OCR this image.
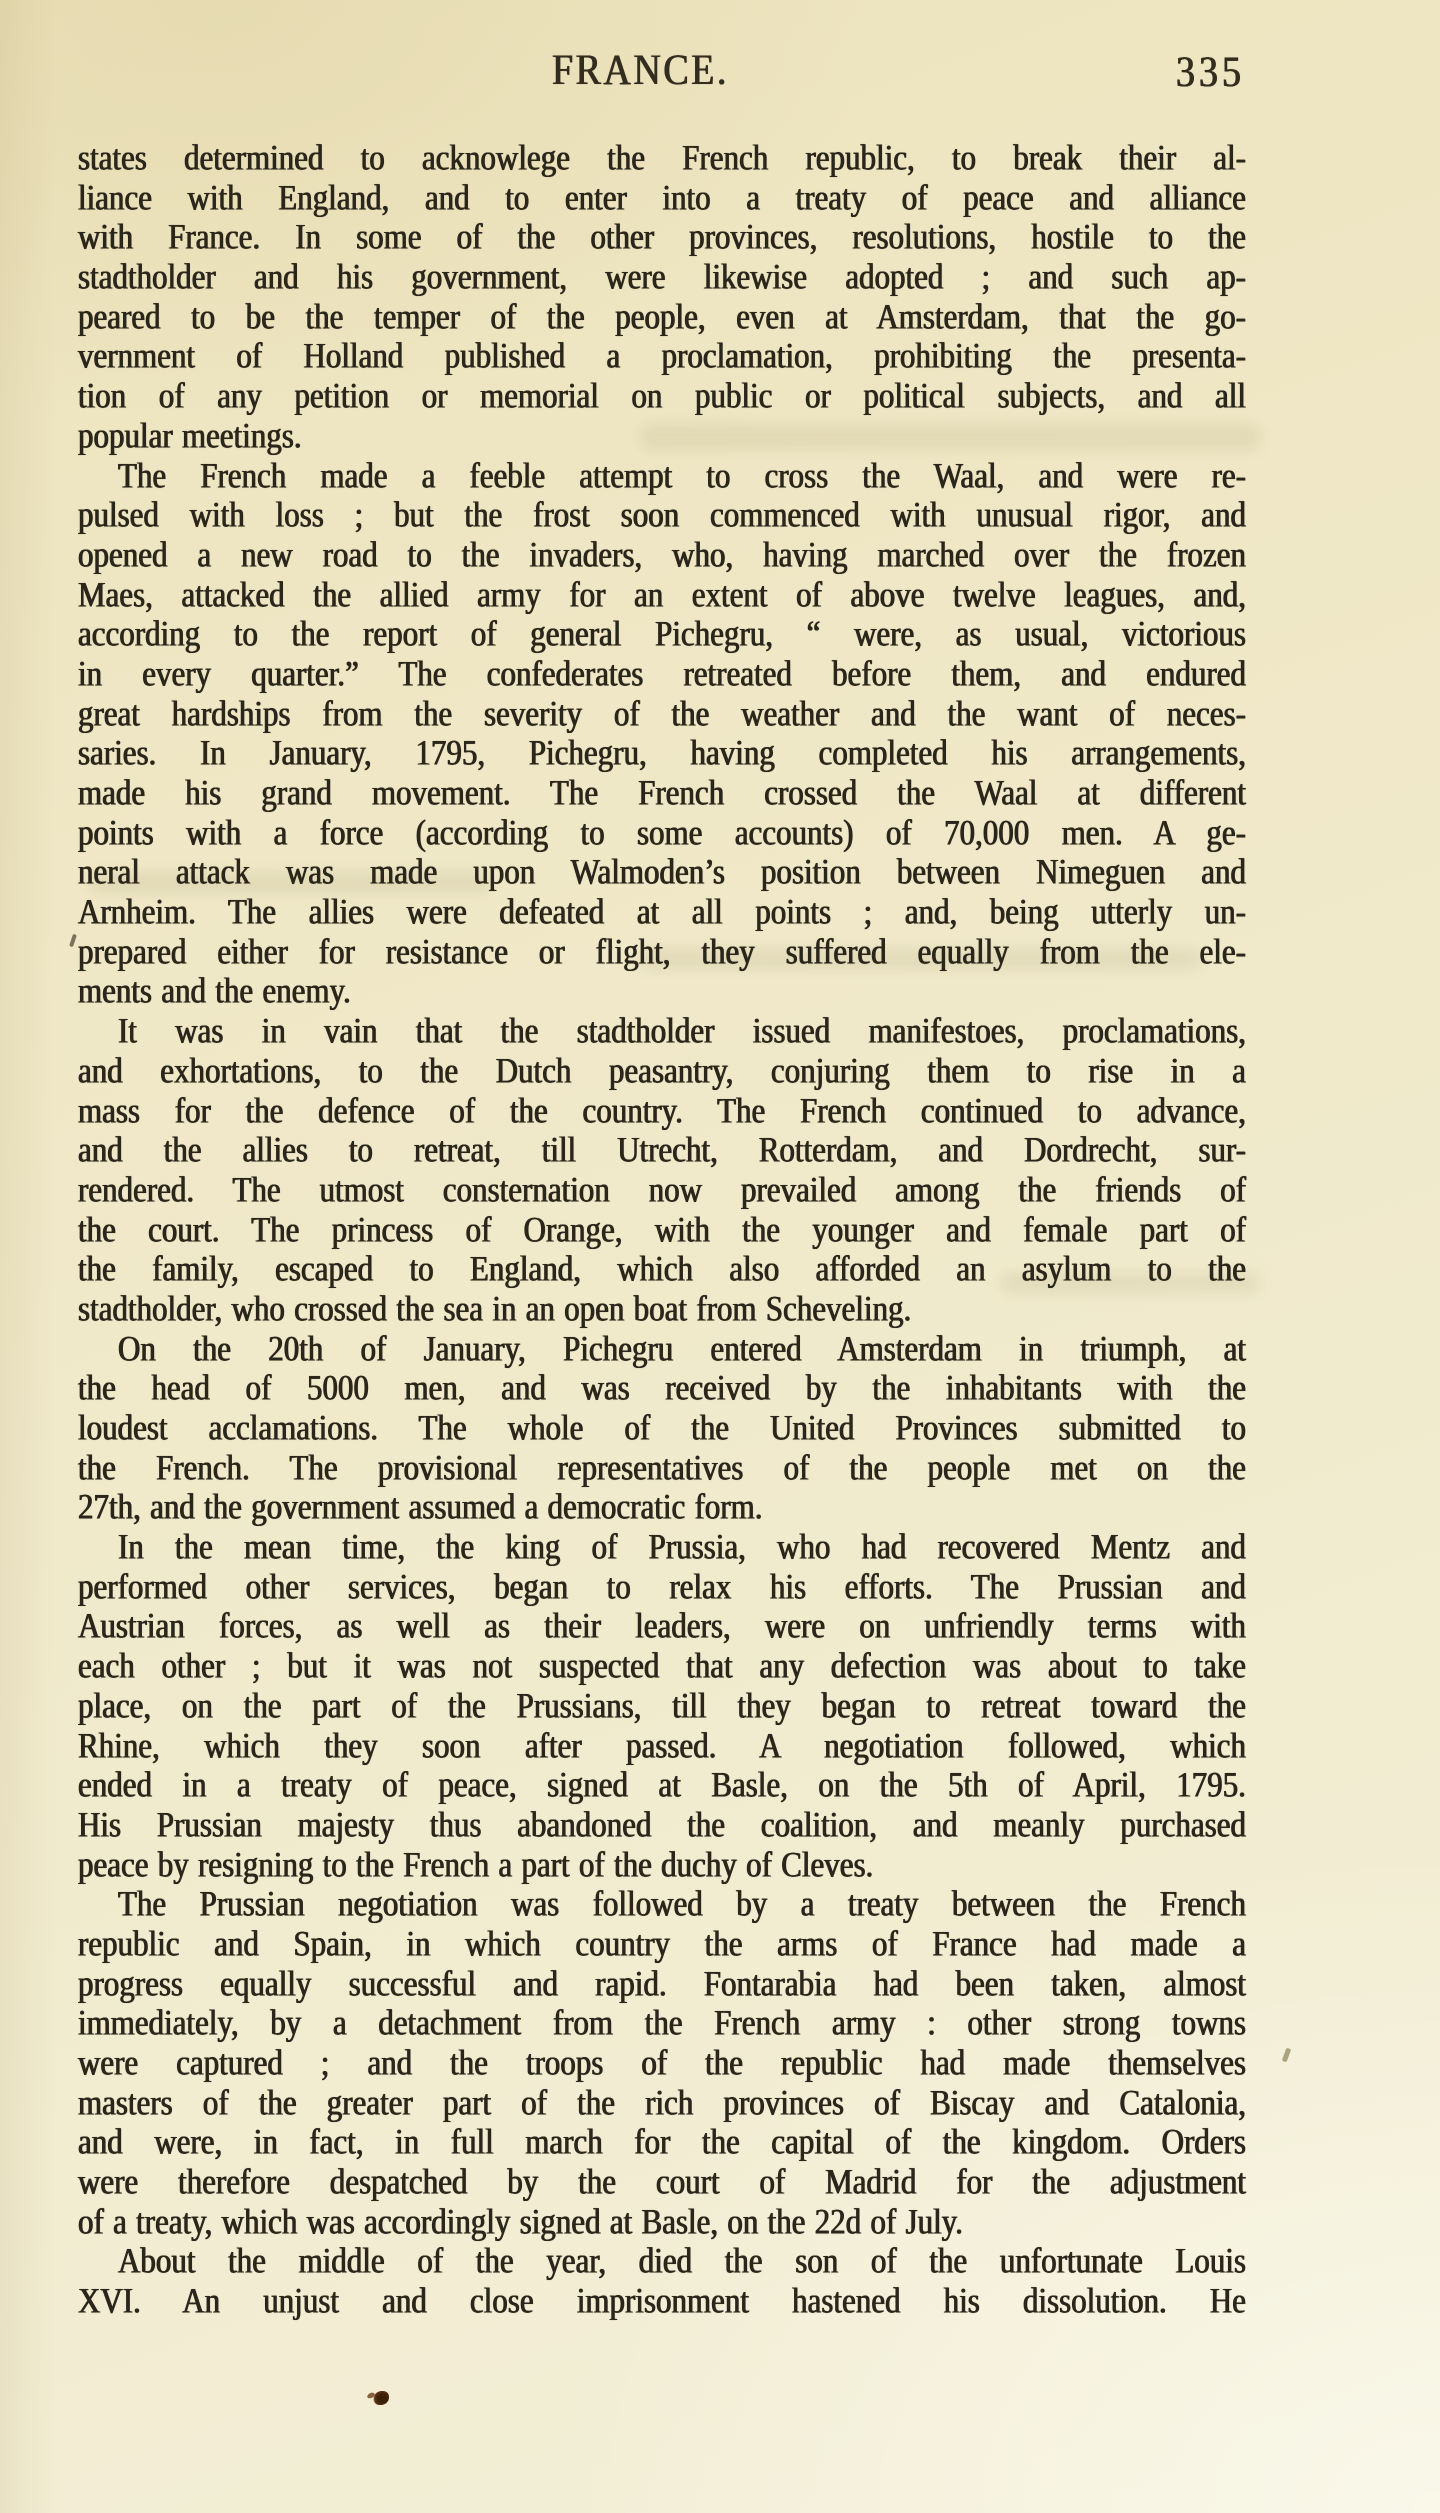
FRANCE.	335
states determined to acknowlege the French republic, to break their al-
liance with England, and to enter into a treaty of peace and alliance
with France. In some of the other provinces, resolutions, hostile to the
stadtholder and his government, were likewise adopted ; and such ap-
peared to be the temper of the people, even at Amsterdam, that the go-
vernment of Holland published a proclamation, prohibiting the presenta-
tion of any petition or memorial on public or political subjects, and all
popular meetings.
The French made a feeble attempt to cross the Waal, and were re-
pulsed with loss ; but the frost soon commenced with unusual rigor, and
opened a new road to the invaders, who, having marched over the frozen
Maes, attacked the allied army for an extent of above twelve leagues, and,
according to the report of general Pichegru, “ were, as usual, victorious
in every quarter.” The confederates retreated before them, and endured
great hardships from the severity of the weather and the want of neces-
saries. In January, 1795, Pichegru, having completed his arrangements,
made his grand movement. The French crossed the Waal at different
points with a force (according to some accounts) of 70,000 men. A ge-
neral attack was made upon Walmoden’s position between Nimeguen and
Arnheim. The allies were defeated at all points ; and, being utterly un-
prepared either for resistance or flight, they suffered equally from the ele-
ments and the enemy.
It was in vain that the stadtholder issued manifestoes, proclamations,
and exhortations, to the Dutch peasantry, conjuring them to rise in a
mass for the defence of the country. The French continued to advance,
and the allies to retreat, till Utrecht, Rotterdam, and Dordrecht, sur-
rendered. The utmost consternation now prevailed among the friends of
the court. The princess of Orange, with the younger and female part of
the family, escaped to England, which also afforded an asylum to the
stadtholder, who crossed the sea in an open boat from Scheveling.
On the 20th of January, Pichegru entered Amsterdam in triumph, at
the head of 5000 men, and was received by the inhabitants with the
loudest acclamations. The whole of the United Provinces submitted to
the French. The provisional representatives of the people met on the
27th, and the government assumed a democratic form.
In the mean time, the king of Prussia, who had recovered Mentz and
performed other services, began to relax his efforts. The Prussian and
Austrian forces, as well as their leaders, were on unfriendly terms with
each other ; but it was not suspected that any defection was about to take
place, on the part of the Prussians, till they began to retreat toward the
Rhine, which they soon after passed. A negotiation followed, which
ended in a treaty of peace, signed at Basle, on the 5th of April, 1795.
His Prussian majesty thus abandoned the coalition, and meanly purchased
peace by resigning to the French a part of the duchy of Cleves.
The Prussian negotiation was followed by a treaty between the French
republic and Spain, in which country the arms of France had made a
progress equally successful and rapid. Fontarabia had been taken, almost
immediately, by a detachment from the French army : other strong towns
were captured ; and the troops of the republic had made themselves
masters of the greater part of the rich provinces of Biscay and Catalonia,
and were, in fact, in full march for the capital of the kingdom. Orders
were therefore despatched by the court of Madrid for the adjustment
of a treaty, which was accordingly signed at Basle, on the 22d of July.
About the middle of the year, died the son of the unfortunate Louis
XVI. An unjust and close imprisonment hastened his dissolution. He
